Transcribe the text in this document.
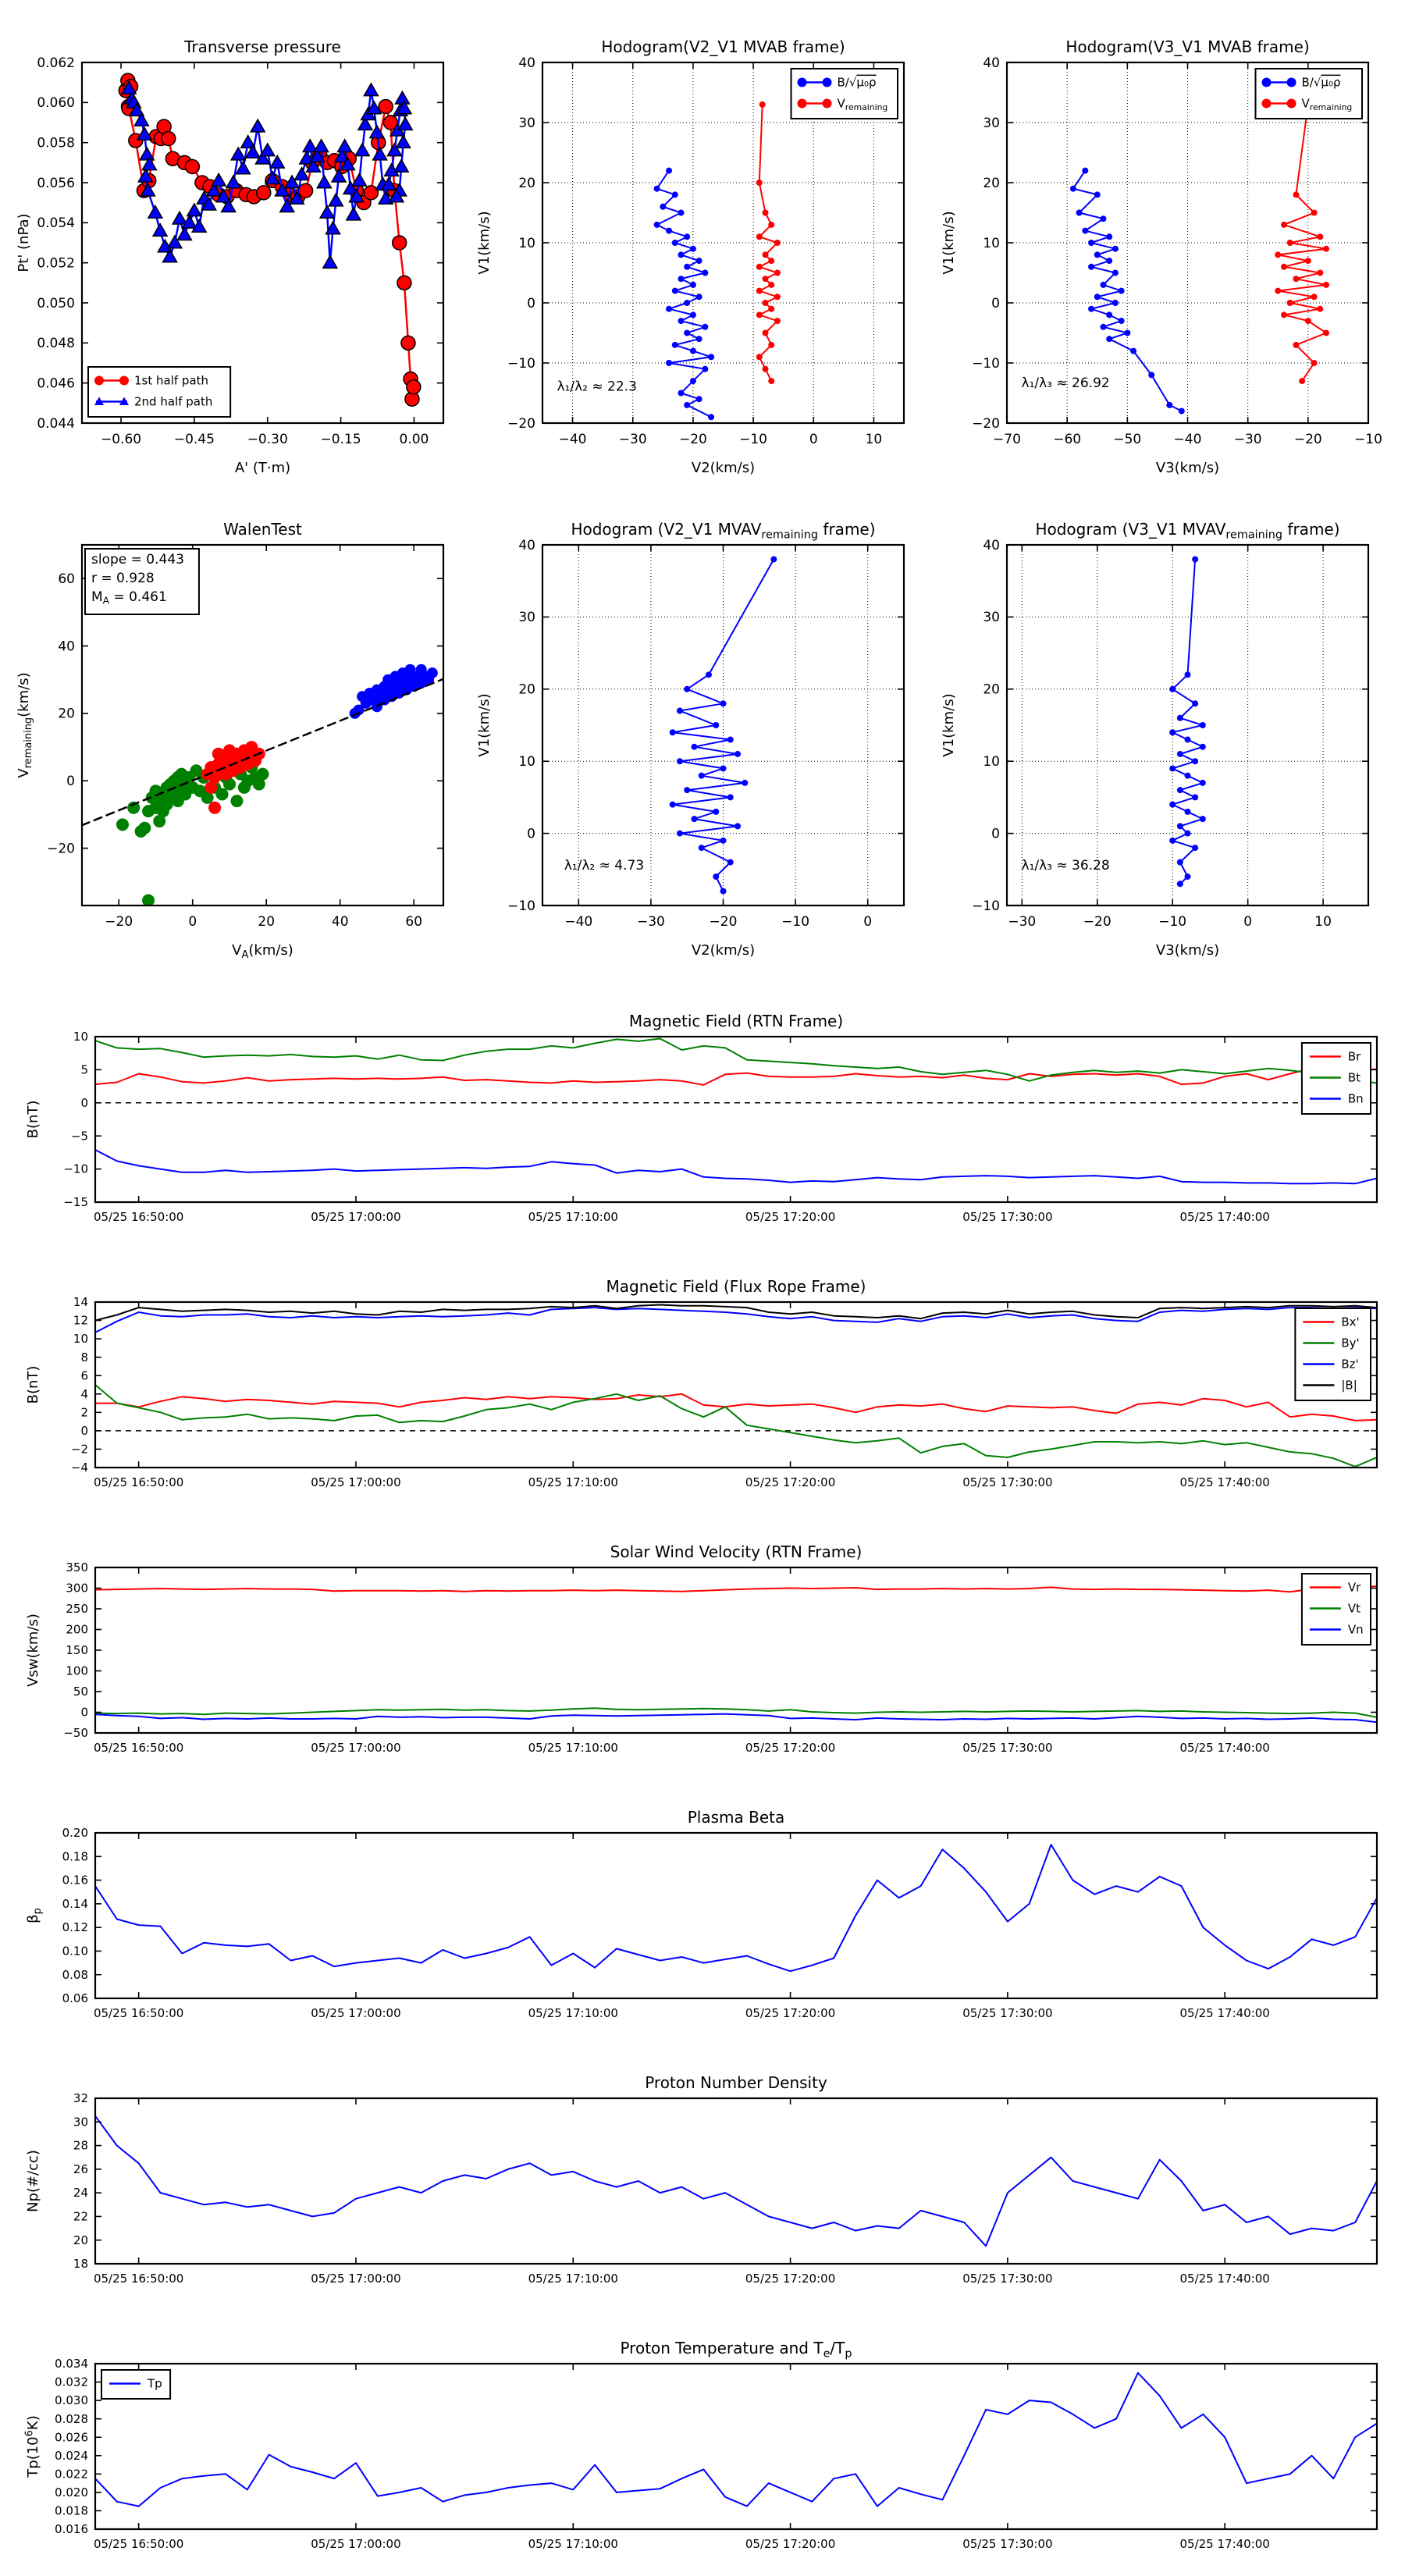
−0.60 −0.45 −0.30 −0.15	0.00
0.044
0.046
0.048
0.050
0.052
0.054
0.056
0.058
0.060
0.062
Transverse pressure
A' (T·m)
Pt' (nPa)
1st half path
2nd half path
−40 −30 −20 −10	0	10
−20
−10
0
10
20
30
40
Hodogram(V2_V1 MVAB frame)
V2(km/s)
V1(km/s)
λ₁/λ₂ ≈ 22.3
B/√μ₀ρ
$V_{remaining}$
−70 −60 −50 −40 −30 −20 −10
−20
−10
0
10
20
30
40
Hodogram(V3_V1 MVAB frame)
V3(km/s)
V1(km/s)
λ₁/λ₃ ≈ 26.92
B/√μ₀ρ
$V_{remaining}$
−20	0	20	40	60
−20
0
20
40
60
WalenTest
$V_A(km/s)$
$V_{remaining}(km/s)$
slope = 0.443
r = 0.928
$M_A = 0.461$
−40	−30	−20	−10	0
−10
0
10
20
30
40
Hodogram (V2_V1 $MVAV_{remaining}$ frame)
V2(km/s)
V1(km/s)
λ₁/λ₂ ≈ 4.73
−30	−20	−10	0	10
−10
0
10
20
30
40
Hodogram (V3_V1 $MVAV_{remaining}$ frame)
V3(km/s)
V1(km/s)
λ₁/λ₃ ≈ 36.28
05/25 16:50:00	05/25 17:00:00	05/25 17:10:00	05/25 17:20:00	05/25 17:30:00	05/25 17:40:00
−15
−10
−5
0
5
10
Magnetic Field (RTN Frame)
B(nT)
Br
Bt
Bn
05/25 16:50:00	05/25 17:00:00	05/25 17:10:00	05/25 17:20:00	05/25 17:30:00	05/25 17:40:00
−4
−2
0
2
4
6
8
10
12
14
Magnetic Field (Flux Rope Frame)
B(nT)
Bx'
By'
Bz'
|B|
05/25 16:50:00	05/25 17:00:00	05/25 17:10:00	05/25 17:20:00	05/25 17:30:00	05/25 17:40:00
−50
0
50
100
150
200
250
300
350
Solar Wind Velocity (RTN Frame)
Vsw(km/s)
Vr
Vt
Vn
05/25 16:50:00	05/25 17:00:00	05/25 17:10:00	05/25 17:20:00	05/25 17:30:00	05/25 17:40:00
0.06
0.08
0.10
0.12
0.14
0.16
0.18
0.20
Plasma Beta
$\beta_p$
05/25 16:50:00	05/25 17:00:00	05/25 17:10:00	05/25 17:20:00	05/25 17:30:00	05/25 17:40:00
18
20
22
24
26
28
30
32
Proton Number Density
Np(#/cc)
05/25 16:50:00	05/25 17:00:00	05/25 17:10:00	05/25 17:20:00	05/25 17:30:00	05/25 17:40:00
0.016
0.018
0.020
0.022
0.024
0.026
0.028
0.030
0.032
0.034
Proton Temperature and $T_e/T_p$
$Tp(10^6K)$
Tp
